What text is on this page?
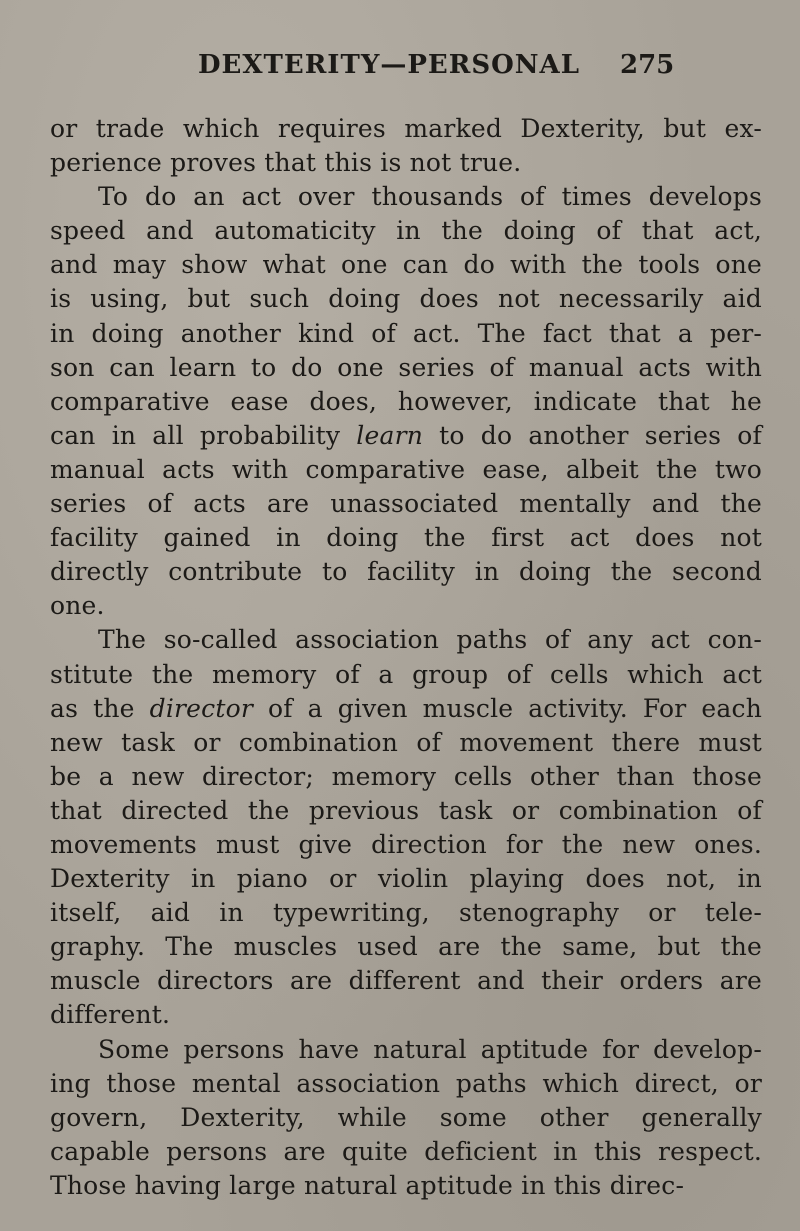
DEXTERITY—PERSONAL 275
or trade which requires marked Dexterity, but ex-
perience proves that this is not true.
To do an act over thousands of times develops
speed and automaticity in the doing of that act,
and may show what one can do with the tools one
is using, but such doing does not necessarily aid
in doing another kind of act. The fact that a per-
son can learn to do one series of manual acts with
comparative ease does, however, indicate that he
can in all probability learn to do another series of
manual acts with comparative ease, albeit the two
series of acts are unassociated mentally and the
facility gained in doing the first act does not
directly contribute to facility in doing the second
one.
The so-called association paths of any act con-
stitute the memory of a group of cells which act
as the director of a given muscle activity. For each
new task or combination of movement there must
be a new director; memory cells other than those
that directed the previous task or combination of
movements must give direction for the new ones.
Dexterity in piano or violin playing does not, in
itself, aid in typewriting, stenography or tele-
graphy. The muscles used are the same, but the
muscle directors are different and their orders are
different.
Some persons have natural aptitude for develop-
ing those mental association paths which direct, or
govern, Dexterity, while some other generally
capable persons are quite deficient in this respect.
Those having large natural aptitude in this direc-
